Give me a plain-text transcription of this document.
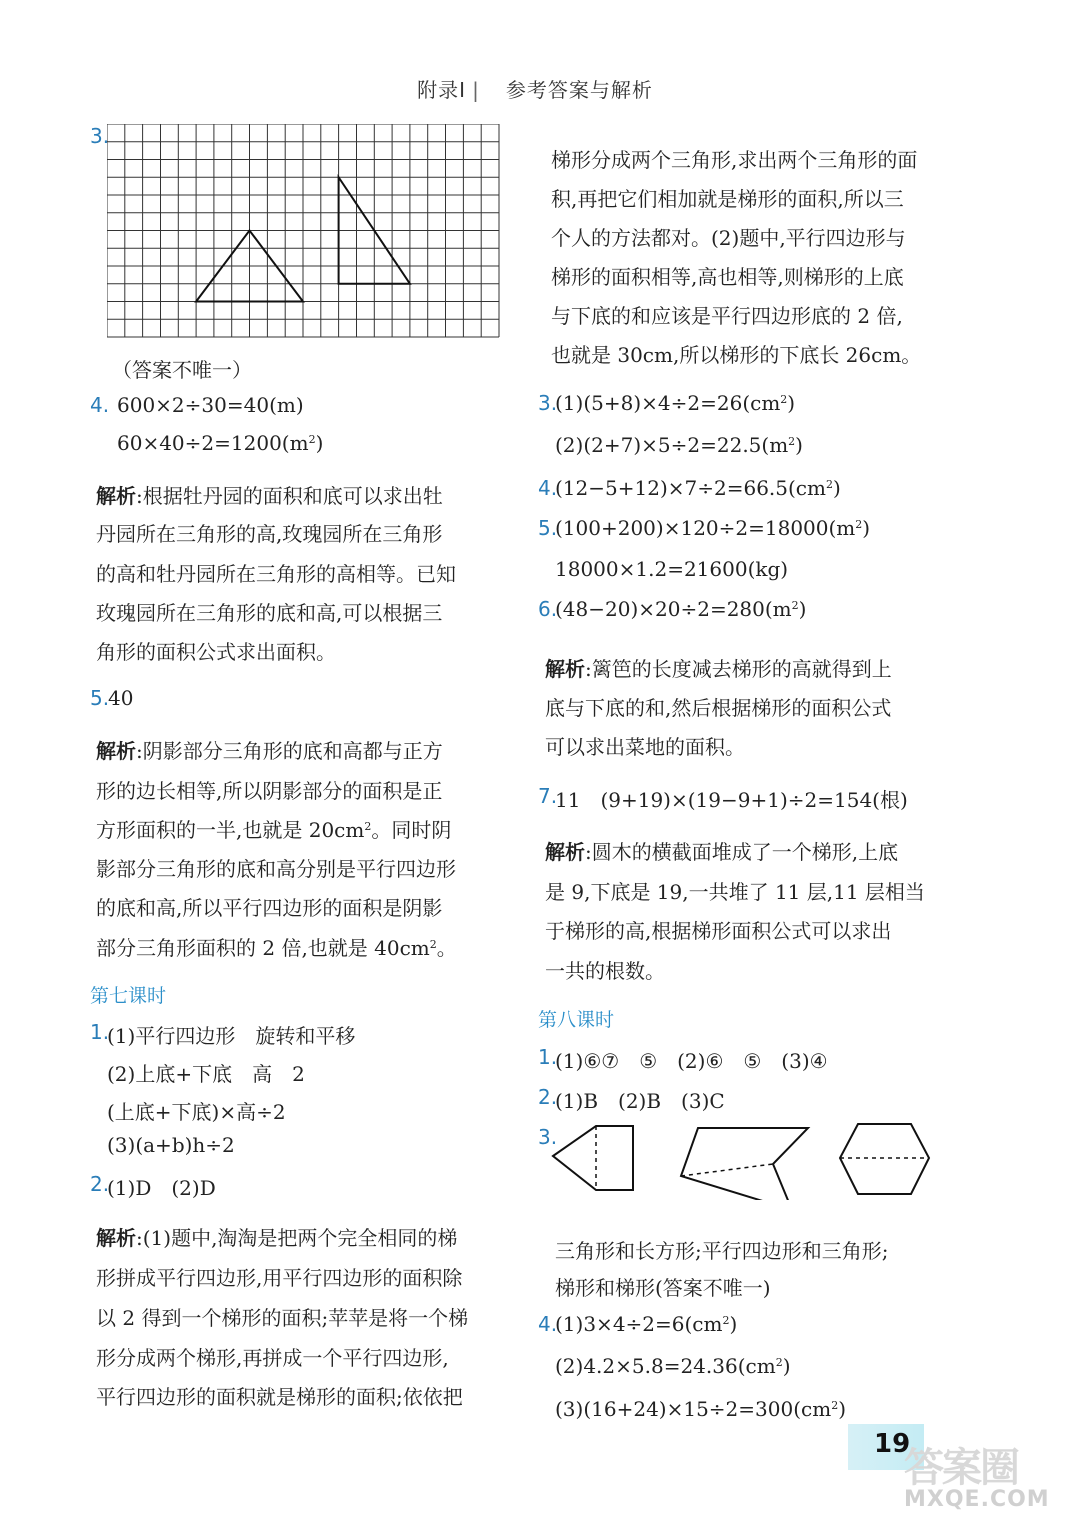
附录Ⅰ | 参考答案与解析
3.
（答案不唯一）
4. 600×2÷30=40(m)
$60\times 40\div 2=1200(m^2)$
解析:根据牡丹园的面积和底可以求出牡
丹园所在三角形的高,玫瑰园所在三角形
的高和牡丹园所在三角形的高相等。已知
玫瑰园所在三角形的底和高,可以根据三
角形的面积公式求出面积。
5.
40
解析:阴影部分三角形的底和高都与正方
形的边长相等,所以阴影部分的面积是正
方形面积的一半,也就是 $20cm^2$。同时阴
影部分三角形的底和高分别是平行四边形
的底和高,所以平行四边形的面积是阴影
部分三角形面积的 2 倍,也就是 $40cm^2$。
第七课时
1.
(1)平行四边形　旋转和平移
(2)上底+下底　高　2
(上底+下底)×高÷2
(3)(a+b)h÷2
2.
(1)D　(2)D
解析:(1)题中,淘淘是把两个完全相同的梯
形拼成平行四边形,用平行四边形的面积除
以 2 得到一个梯形的面积;苹苹是将一个梯
形分成两个梯形,再拼成一个平行四边形,
平行四边形的面积就是梯形的面积;依依把
梯形分成两个三角形,求出两个三角形的面
积,再把它们相加就是梯形的面积,所以三
个人的方法都对。(2)题中,平行四边形与
梯形的面积相等,高也相等,则梯形的上底
与下底的和应该是平行四边形底的 2 倍,
也就是 30cm,所以梯形的下底长 26cm。
3.
$(1)(5+8)\times 4\div 2=26(cm^2)$
$(2)(2+7)\times 5\div 2=22.5(m^2)$
4.
$(12-5+12)\times 7\div 2=66.5(cm^2)$
5.
$(100+200)\times 120\div 2=18000(m^2)$
18000×1.2=21600(kg)
6.
$(48-20)\times 20\div 2=280(m^2)$
解析:篱笆的长度减去梯形的高就得到上
底与下底的和,然后根据梯形的面积公式
可以求出菜地的面积。
7.
11　(9+19)×(19−9+1)÷2=154(根)
解析:圆木的横截面堆成了一个梯形,上底
是 9,下底是 19,一共堆了 11 层,11 层相当
于梯形的高,根据梯形面积公式可以求出
一共的根数。
第八课时
1.
(1)⑥⑦　⑤　(2)⑥　⑤　(3)④
2.
(1)B　(2)B　(3)C
3.
三角形和长方形;平行四边形和三角形;
梯形和梯形(答案不唯一)
4.
$(1)3\times 4\div 2=6(cm^2)$
$(2)4.2\times 5.8=24.36(cm^2)$
$(3)(16+24)\times 15\div 2=300(cm^2)$
19
答案圈
MXQE.COM
